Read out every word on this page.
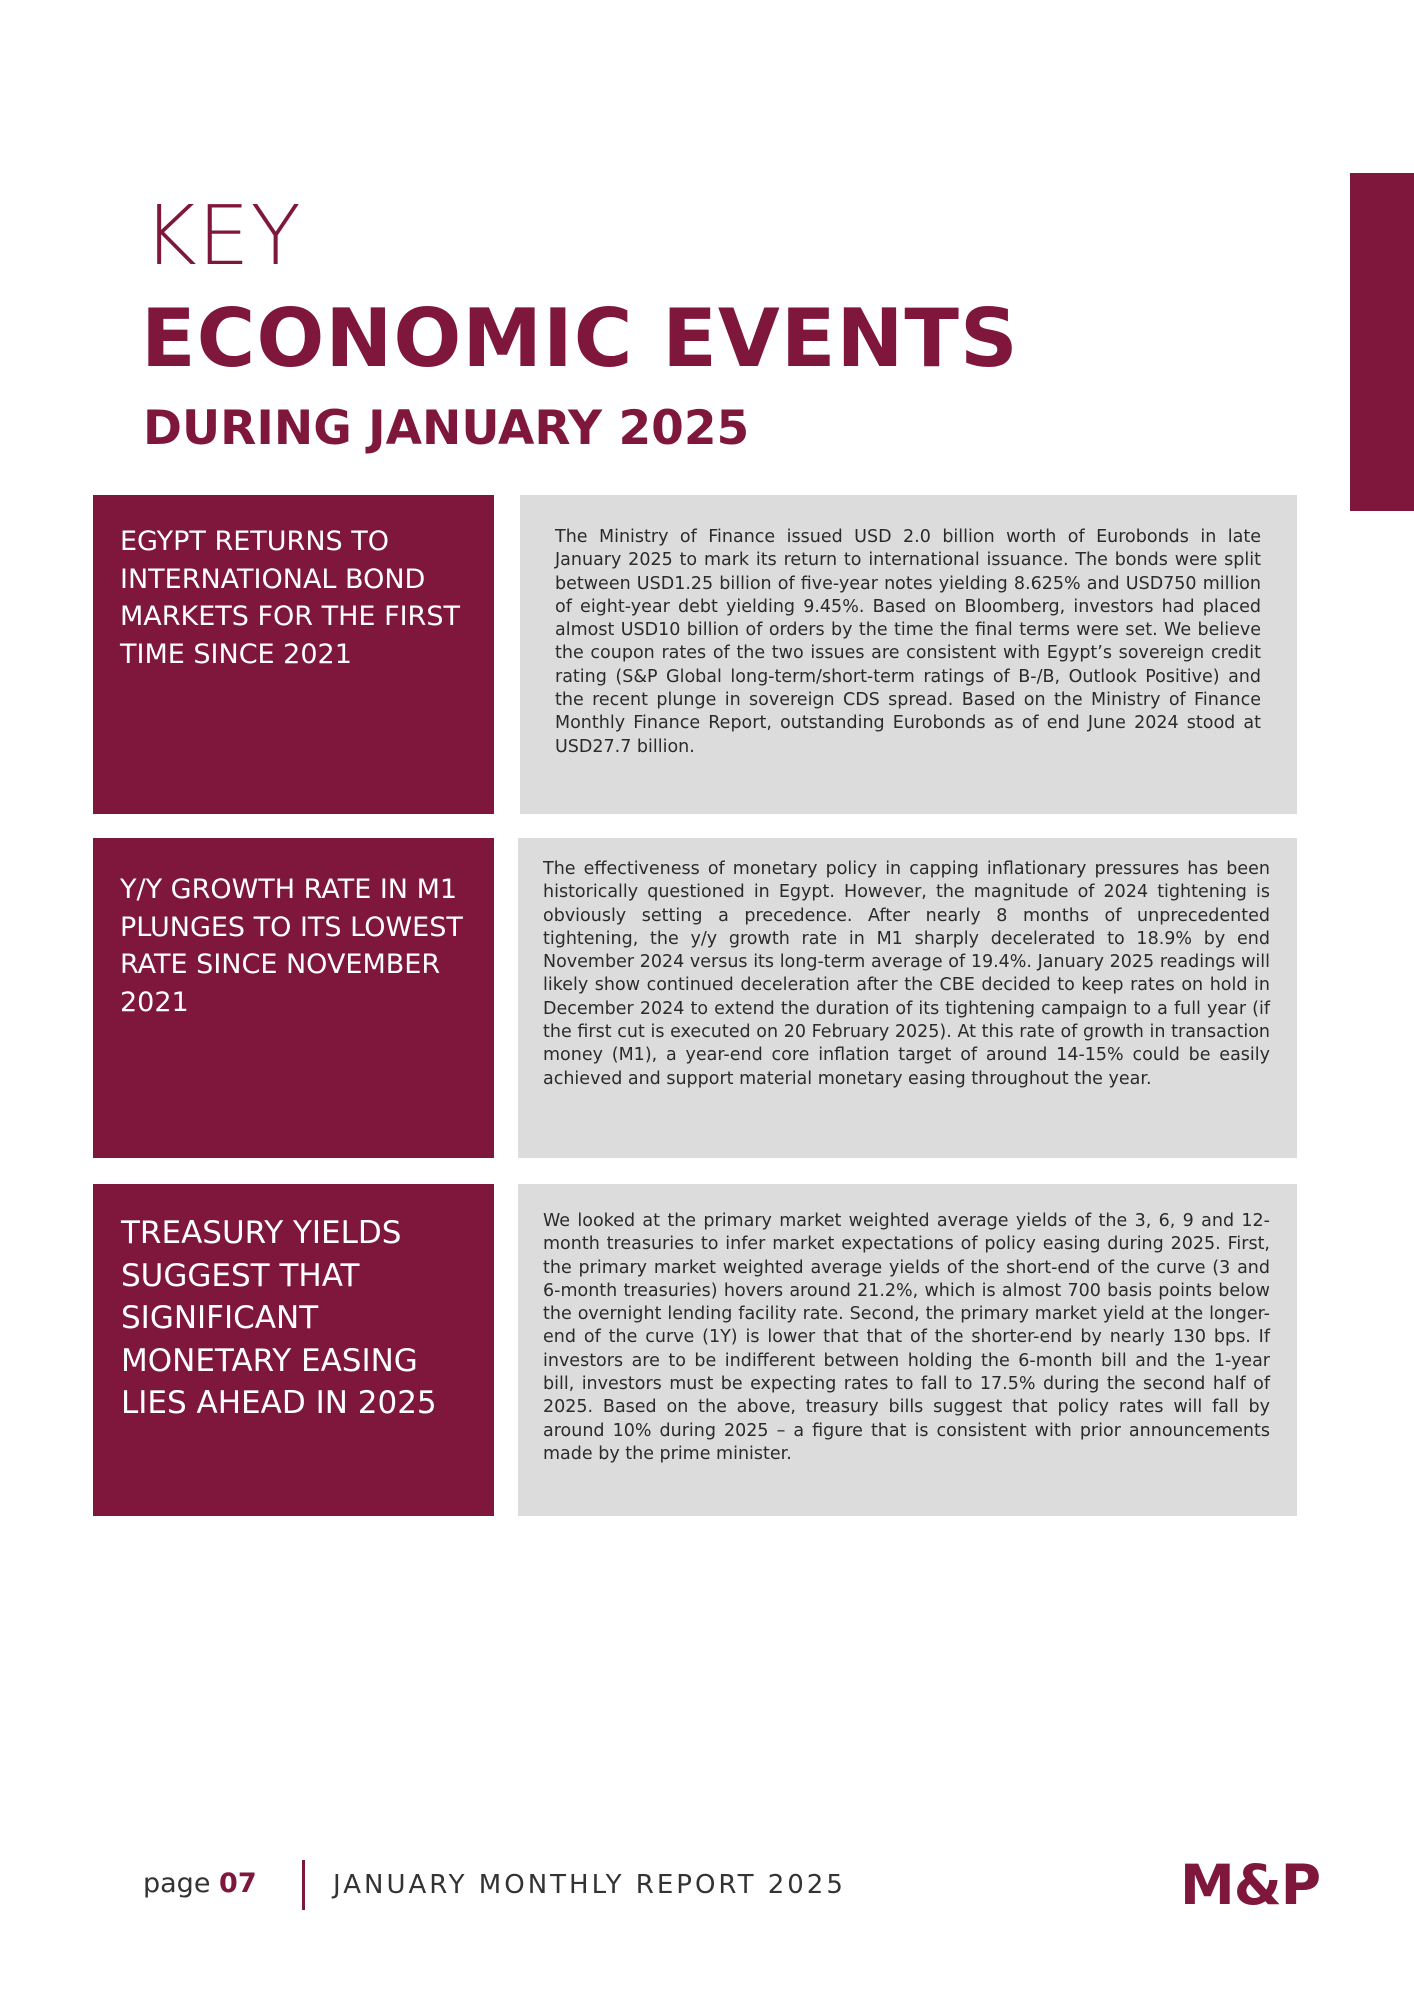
KEY
ECONOMIC EVENTS
DURING JANUARY 2025
EGYPT RETURNS TO INTERNATIONAL BOND MARKETS FOR THE FIRST TIME SINCE 2021
The Ministry of Finance issued USD 2.0 billion worth of Eurobonds in late January 2025 to mark its return to international issuance. The bonds were split between USD1.25 billion of five-year notes yielding 8.625% and USD750 million of eight-year debt yielding 9.45%. Based on Bloomberg, investors had placed almost USD10 billion of orders by the time the final terms were set. We believe the coupon rates of the two issues are consistent with Egypt’s sovereign credit rating (S&P Global long-term/short-term ratings of B-/B, Outlook Positive) and the recent plunge in sovereign CDS spread. Based on the Ministry of Finance Monthly Finance Report, outstanding Eurobonds as of end June 2024 stood at USD27.7 billion.
Y/Y GROWTH RATE IN M1 PLUNGES TO ITS LOWEST RATE SINCE NOVEMBER 2021
The effectiveness of monetary policy in capping inflationary pressures has been historically questioned in Egypt. However, the magnitude of 2024 tightening is obviously setting a precedence. After nearly 8 months of unprecedented tightening, the y/y growth rate in M1 sharply decelerated to 18.9% by end November 2024 versus its long-term average of 19.4%. January 2025 readings will likely show continued deceleration after the CBE decided to keep rates on hold in December 2024 to extend the duration of its tightening campaign to a full year (if the first cut is executed on 20 February 2025). At this rate of growth in transaction money (M1), a year-end core inflation target of around 14-15% could be easily achieved and support material monetary easing throughout the year.
TREASURY YIELDS SUGGEST THAT SIGNIFICANT MONETARY EASING LIES AHEAD IN 2025
We looked at the primary market weighted average yields of the 3, 6, 9 and 12-month treasuries to infer market expectations of policy easing during 2025. First, the primary market weighted average yields of the short-end of the curve (3 and 6-month treasuries) hovers around 21.2%, which is almost 700 basis points below the overnight lending facility rate. Second, the primary market yield at the longer-end of the curve (1Y) is lower that that of the shorter-end by nearly 130 bps. If investors are to be indifferent between holding the 6-month bill and the 1-year bill, investors must be expecting rates to fall to 17.5% during the second half of 2025. Based on the above, treasury bills suggest that policy rates will fall by around 10% during 2025 – a figure that is consistent with prior announcements made by the prime minister.
page 07	JANUARY MONTHLY REPORT 2025	M&P
